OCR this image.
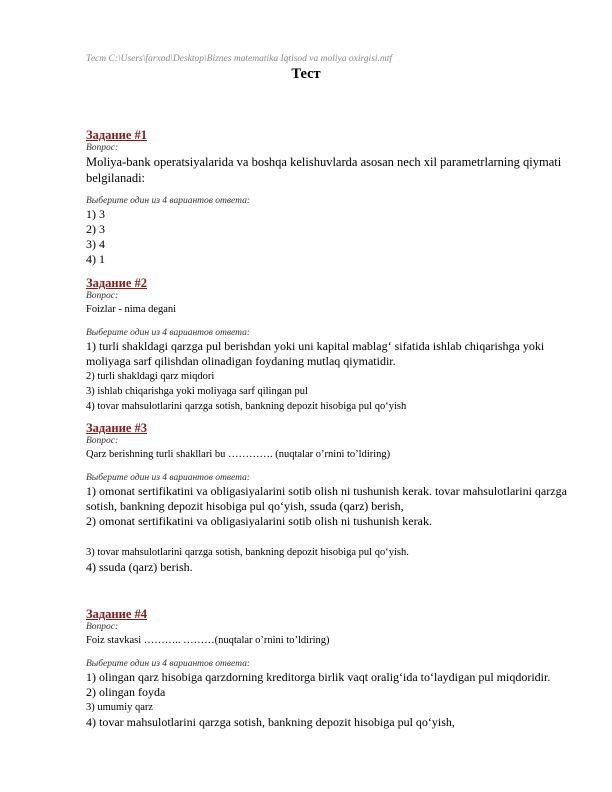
Тест C:\Users\farxod\Desktop\Biznes matematika Iqtisod va moliya oxirgisi.mtf
Тест
Задание #1
Вопрос:
Moliya-bank operatsiyalarida va boshqa kelishuvlarda asosan nech xil parametrlarning qiymati belgilanadi:
Выберите один из 4 вариантов ответа:
1) 3
2) 3
3) 4
4) 1
Задание #2
Вопрос:
Foizlar - nima degani
Выберите один из 4 вариантов ответа:
1) turli shakldagi qarzga pul berishdan yoki uni kapital mablag‘ sifatida ishlab chiqarishga yoki moliyaga sarf qilishdan olinadigan foydaning mutlaq qiymatidir.
2) turli shakldagi qarz miqdori
3) ishlab chiqarishga yoki moliyaga sarf qilingan pul
4) tovar mahsulotlarini qarzga sotish, bankning depozit hisobiga pul qo‘yish
Задание #3
Вопрос:
Qarz berishning turli shakllari bu …………. (nuqtalar o’rnini to’ldiring)
Выберите один из 4 вариантов ответа:
1) omonat sertifikatini va obligasiyalarini sotib olish ni tushunish kerak. tovar mahsulotlarini qarzga sotish, bankning depozit hisobiga pul qo‘yish, ssuda (qarz) berish,
2) omonat sertifikatini va obligasiyalarini sotib olish ni tushunish kerak.
3) tovar mahsulotlarini qarzga sotish, bankning depozit hisobiga pul qo‘yish.
4) ssuda (qarz) berish.
Задание #4
Вопрос:
Foiz stavkasi ……….. ………(nuqtalar o’rnini to’ldiring)
Выберите один из 4 вариантов ответа:
1) olingan qarz hisobiga qarzdorning kreditorga birlik vaqt oralig‘ida to‘laydigan pul miqdoridir.
2) olingan foyda
3) umumiy qarz
4) tovar mahsulotlarini qarzga sotish, bankning depozit hisobiga pul qo‘yish,
